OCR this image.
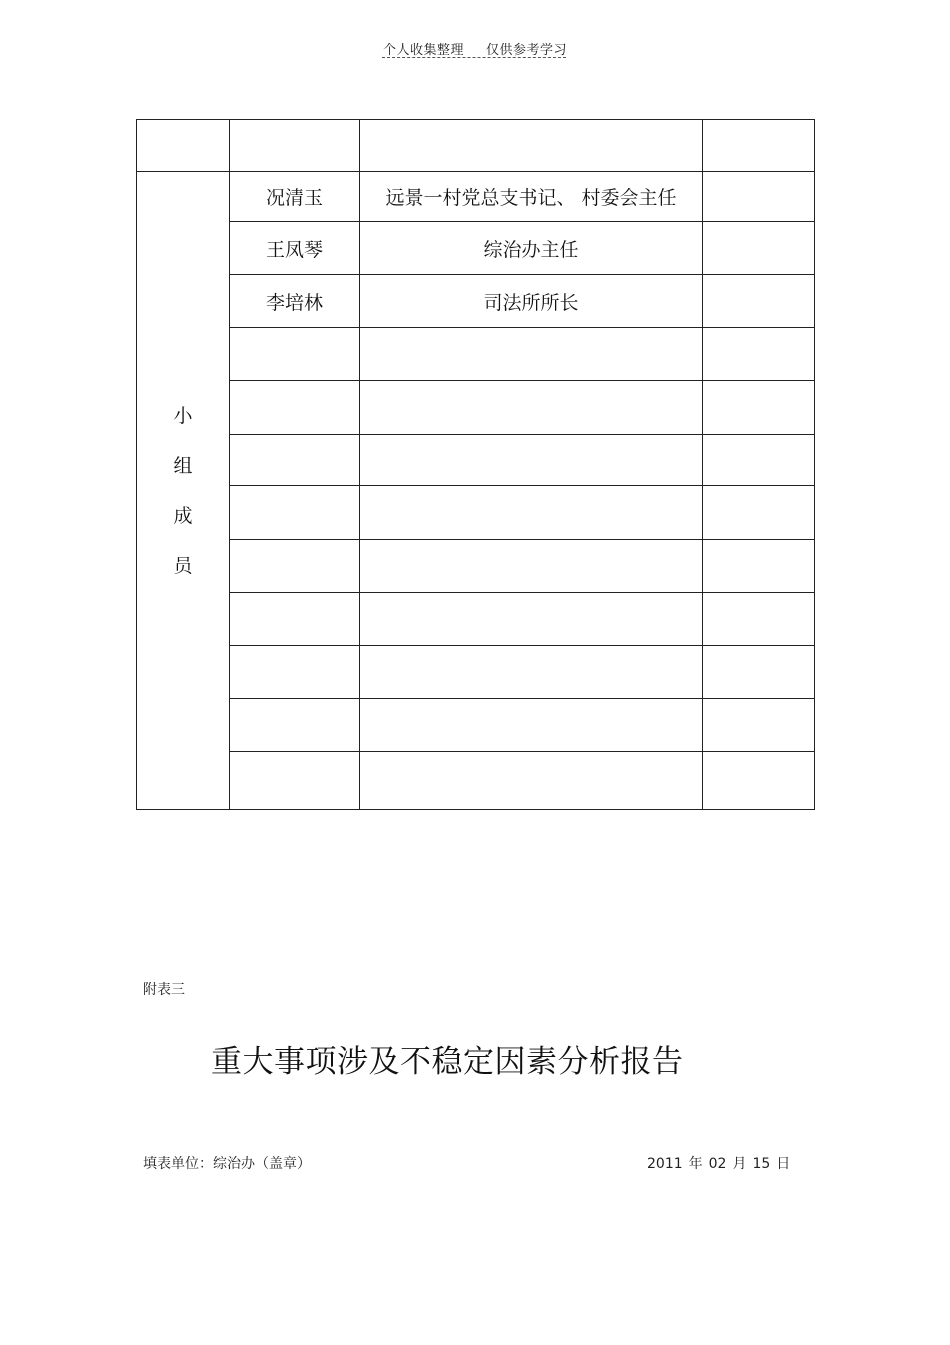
个人收集整理 仅供参考学习

小
组
成
员	况清玉	远景一村党总支书记、 村委会主任	
	王凤琴	综治办主任	
	李培林	司法所所长	

附表三
重大事项涉及不稳定因素分析报告
填表单位：综治办（盖章）	2011 年 02 月 15 日
